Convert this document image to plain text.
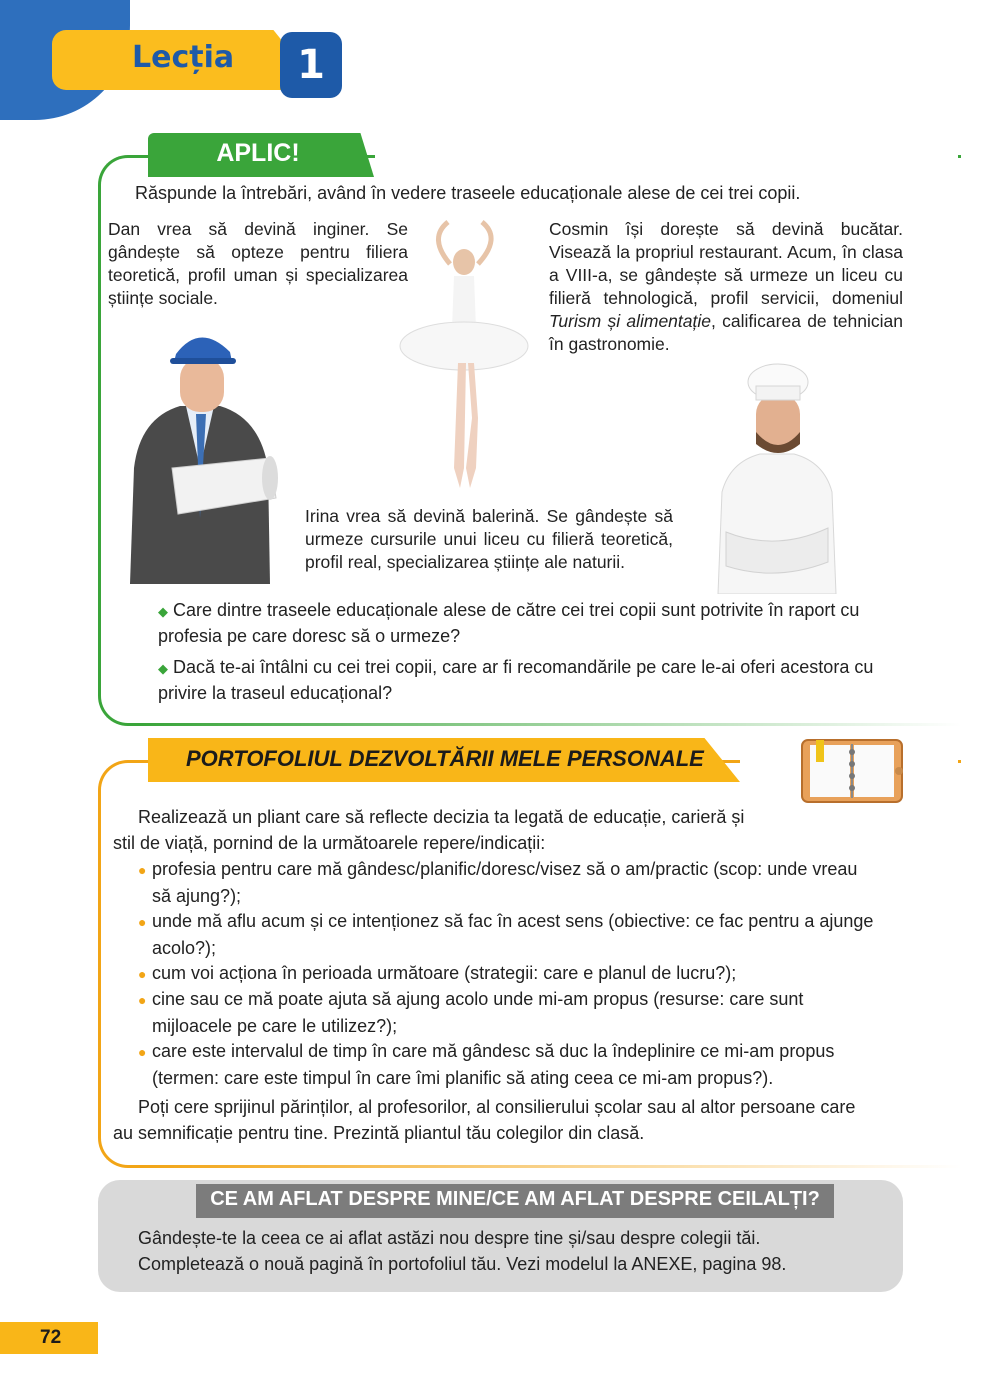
Lecția	1
APLIC!
Răspunde la întrebări, având în vedere traseele educaționale alese de cei trei copii.
Dan vrea să devină inginer. Se gândește să opteze pentru filiera teoretică, profil uman și specializarea științe sociale.
Cosmin își dorește să devină bucătar. Visează la propriul restaurant. Acum, în clasa a VIII-a, se gândește să urmeze un liceu cu filieră tehnologică, profil servicii, domeniul Turism și alimentație, calificarea de tehnician în gastronomie.
Irina vrea să devină balerină. Se gândește să urmeze cursurile unui liceu cu filieră teoretică, profil real, specializarea științe ale naturii.
◆ Care dintre traseele educaționale alese de către cei trei copii sunt potrivite în raport cu profesia pe care doresc să o urmeze?
◆ Dacă te-ai întâlni cu cei trei copii, care ar fi recomandările pe care le-ai oferi acestora cu privire la traseul educațional?
PORTOFOLIUL DEZVOLTĂRII MELE PERSONALE
Realizează un pliant care să reflecte decizia ta legată de educație, carieră și
stil de viață, pornind de la următoarele repere/indicații:
● profesia pentru care mă gândesc/planific/doresc/visez să o am/practic (scop: unde vreau
să ajung?);
● unde mă aflu acum și ce intenționez să fac în acest sens (obiective: ce fac pentru a ajunge
acolo?);
● cum voi acționa în perioada următoare (strategii: care e planul de lucru?);
● cine sau ce mă poate ajuta să ajung acolo unde mi-am propus (resurse: care sunt
mijloacele pe care le utilizez?);
● care este intervalul de timp în care mă gândesc să duc la îndeplinire ce mi-am propus
(termen: care este timpul în care îmi planific să ating ceea ce mi-am propus?).
Poți cere sprijinul părinților, al profesorilor, al consilierului școlar sau al altor persoane care
au semnificație pentru tine. Prezintă pliantul tău colegilor din clasă.
CE AM AFLAT DESPRE MINE/CE AM AFLAT DESPRE CEILALȚI?
Gândește-te la ceea ce ai aflat astăzi nou despre tine și/sau despre colegii tăi.
Completează o nouă pagină în portofoliul tău. Vezi modelul la ANEXE, pagina 98.
72
